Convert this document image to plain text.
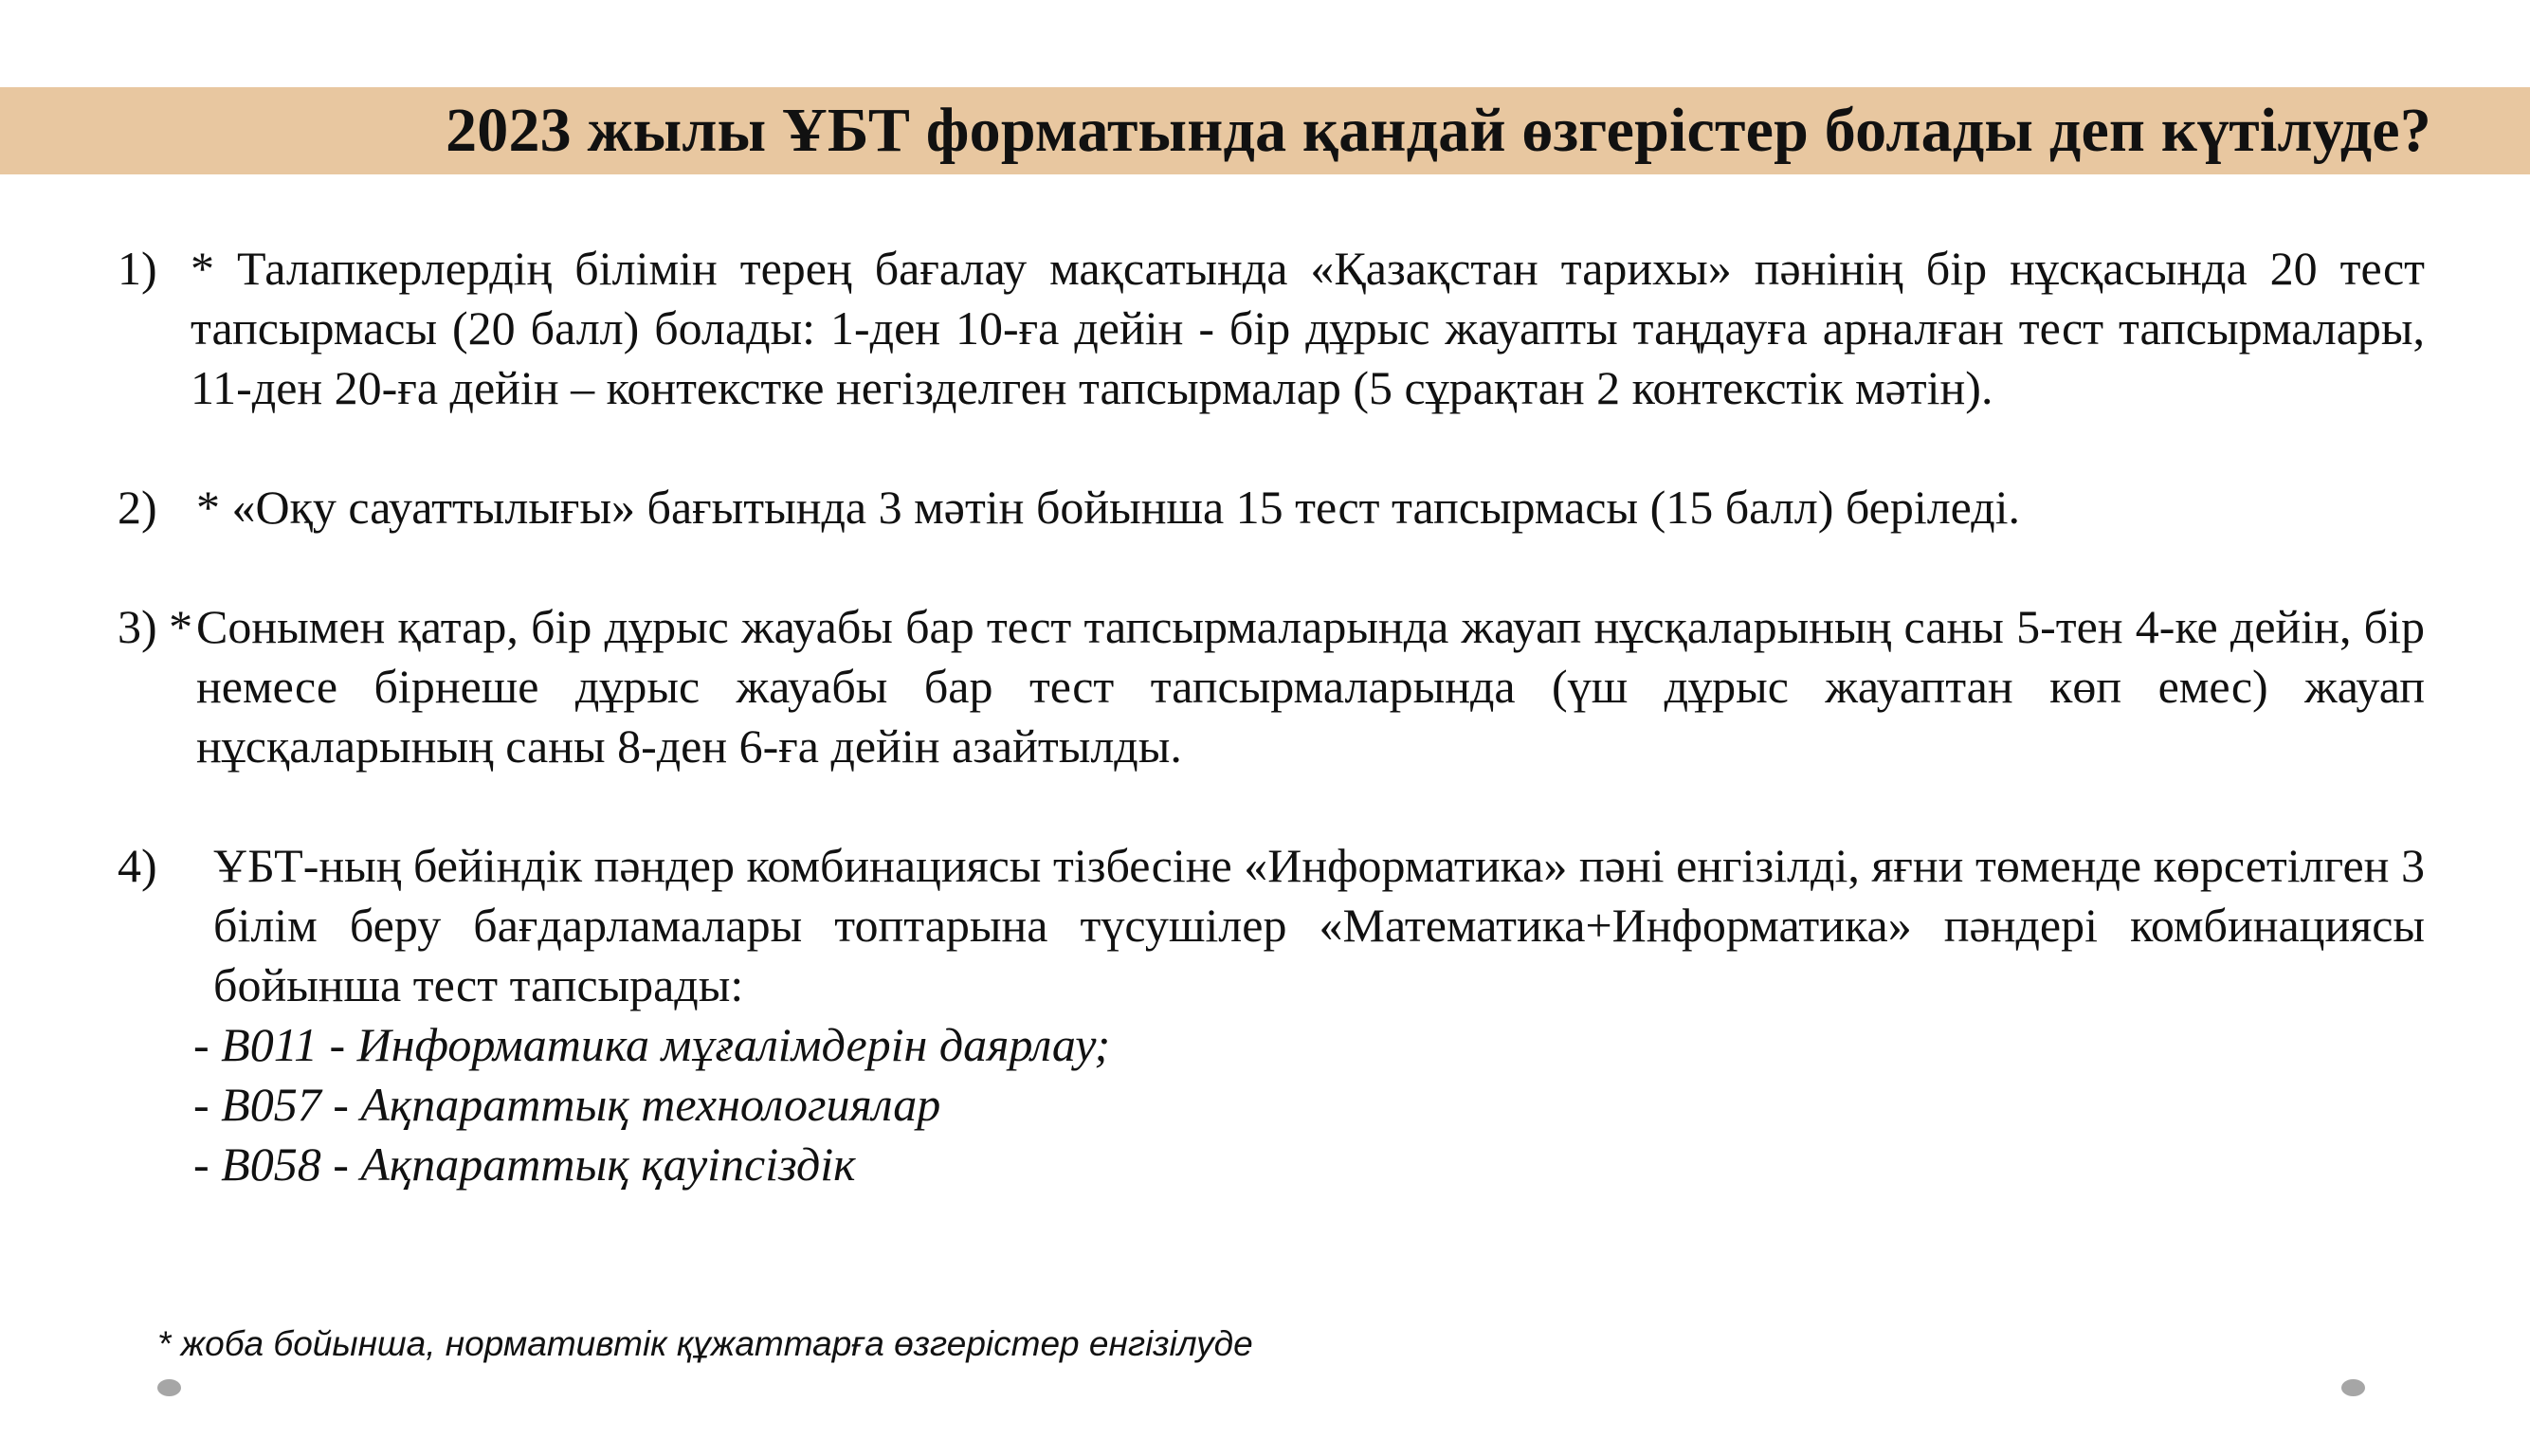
2023 жылы ҰБТ форматында қандай өзгерістер болады деп күтілуде?
1) * Талапкерлердің білімін терең бағалау мақсатында «Қазақстан тарихы» пәнінің бір нұсқасында 20 тест тапсырмасы (20 балл) болады: 1-ден 10-ға дейін - бір дұрыс жауапты таңдауға арналған тест тапсырмалары, 11-ден 20-ға дейін – контекстке негізделген тапсырмалар (5 сұрақтан 2 контекстік мәтін).
2) * «Оқу сауаттылығы» бағытында 3 мәтін бойынша 15 тест тапсырмасы (15 балл) беріледі.
3) * Сонымен қатар, бір дұрыс жауабы бар тест тапсырмаларында жауап нұсқаларының саны 5-тен 4-ке дейін, бір немесе бірнеше дұрыс жауабы бар тест тапсырмаларында (үш дұрыс жауаптан көп емес) жауап нұсқаларының саны 8-ден 6-ға дейін азайтылды.
4) ҰБТ-ның бейіндік пәндер комбинациясы тізбесіне «Информатика» пәні енгізілді, яғни төменде көрсетілген 3 білім беру бағдарламалары топтарына түсушілер «Математика+Информатика» пәндері комбинациясы бойынша тест тапсырады:
- В011 - Информатика мұғалімдерін даярлау;
- В057 - Ақпараттық технологиялар
- В058 - Ақпараттық қауіпсіздік
* жоба бойынша, нормативтік құжаттарға өзгерістер енгізілуде
